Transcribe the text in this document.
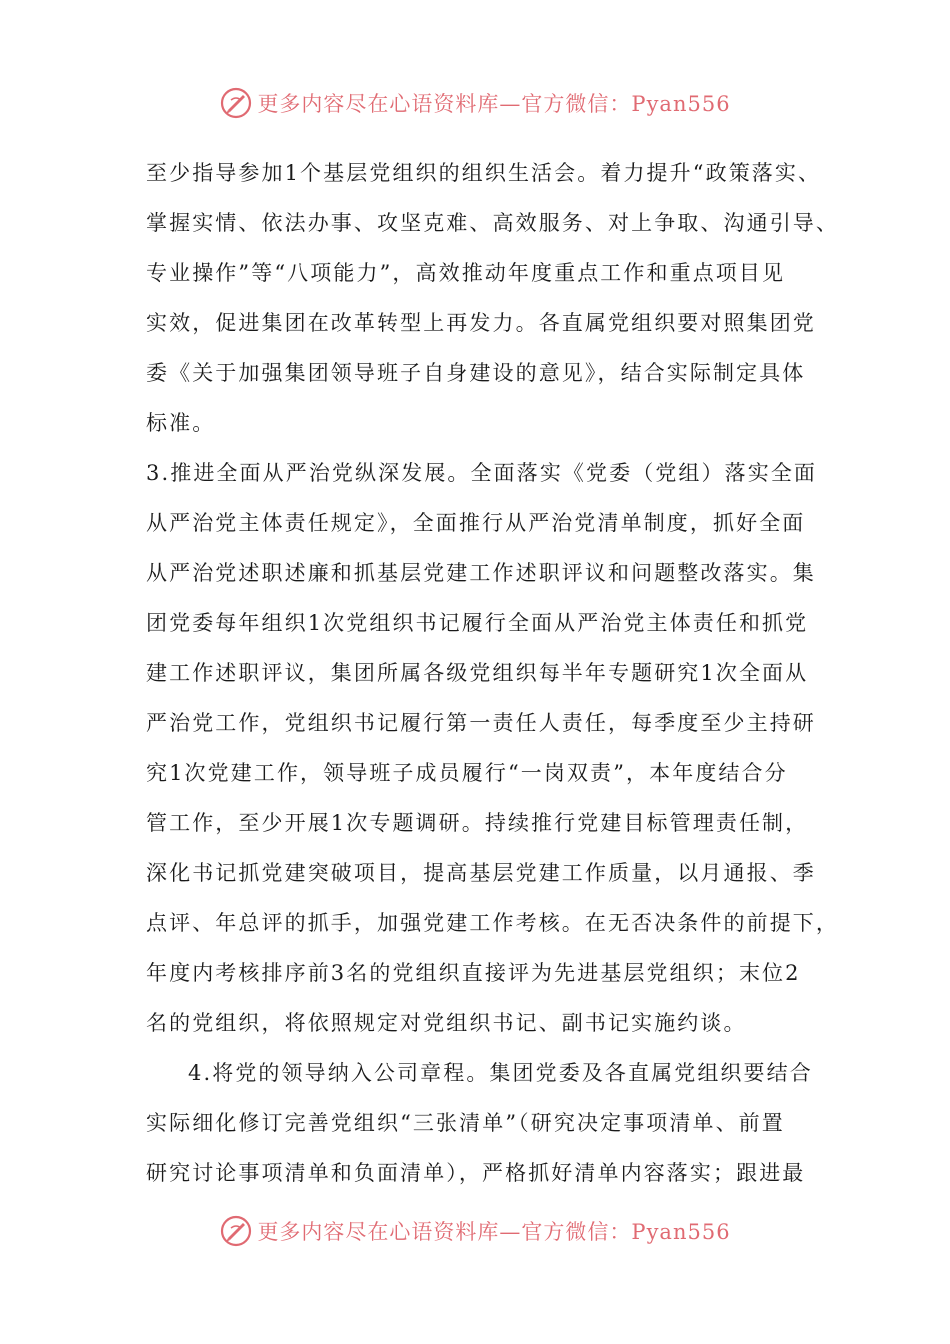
更多内容尽在心语资料库—官方微信：Pyan556
至少指导参加1个基层党组织的组织生活会。着力提升“政策落实、
掌握实情、依法办事、攻坚克难、高效服务、对上争取、沟通引导、
专业操作”等“八项能力”，高效推动年度重点工作和重点项目见
实效，促进集团在改革转型上再发力。各直属党组织要对照集团党
委《关于加强集团领导班子自身建设的意见》，结合实际制定具体
标准。
3.推进全面从严治党纵深发展。全面落实《党委（党组）落实全面
从严治党主体责任规定》，全面推行从严治党清单制度，抓好全面
从严治党述职述廉和抓基层党建工作述职评议和问题整改落实。集
团党委每年组织1次党组织书记履行全面从严治党主体责任和抓党
建工作述职评议，集团所属各级党组织每半年专题研究1次全面从
严治党工作，党组织书记履行第一责任人责任，每季度至少主持研
究1次党建工作，领导班子成员履行“一岗双责”，本年度结合分
管工作，至少开展1次专题调研。持续推行党建目标管理责任制，
深化书记抓党建突破项目，提高基层党建工作质量，以月通报、季
点评、年总评的抓手，加强党建工作考核。在无否决条件的前提下，
年度内考核排序前3名的党组织直接评为先进基层党组织；末位2
名的党组织，将依照规定对党组织书记、副书记实施约谈。
4.将党的领导纳入公司章程。集团党委及各直属党组织要结合
实际细化修订完善党组织“三张清单”（研究决定事项清单、前置
研究讨论事项清单和负面清单），严格抓好清单内容落实；跟进最
更多内容尽在心语资料库—官方微信：Pyan556
